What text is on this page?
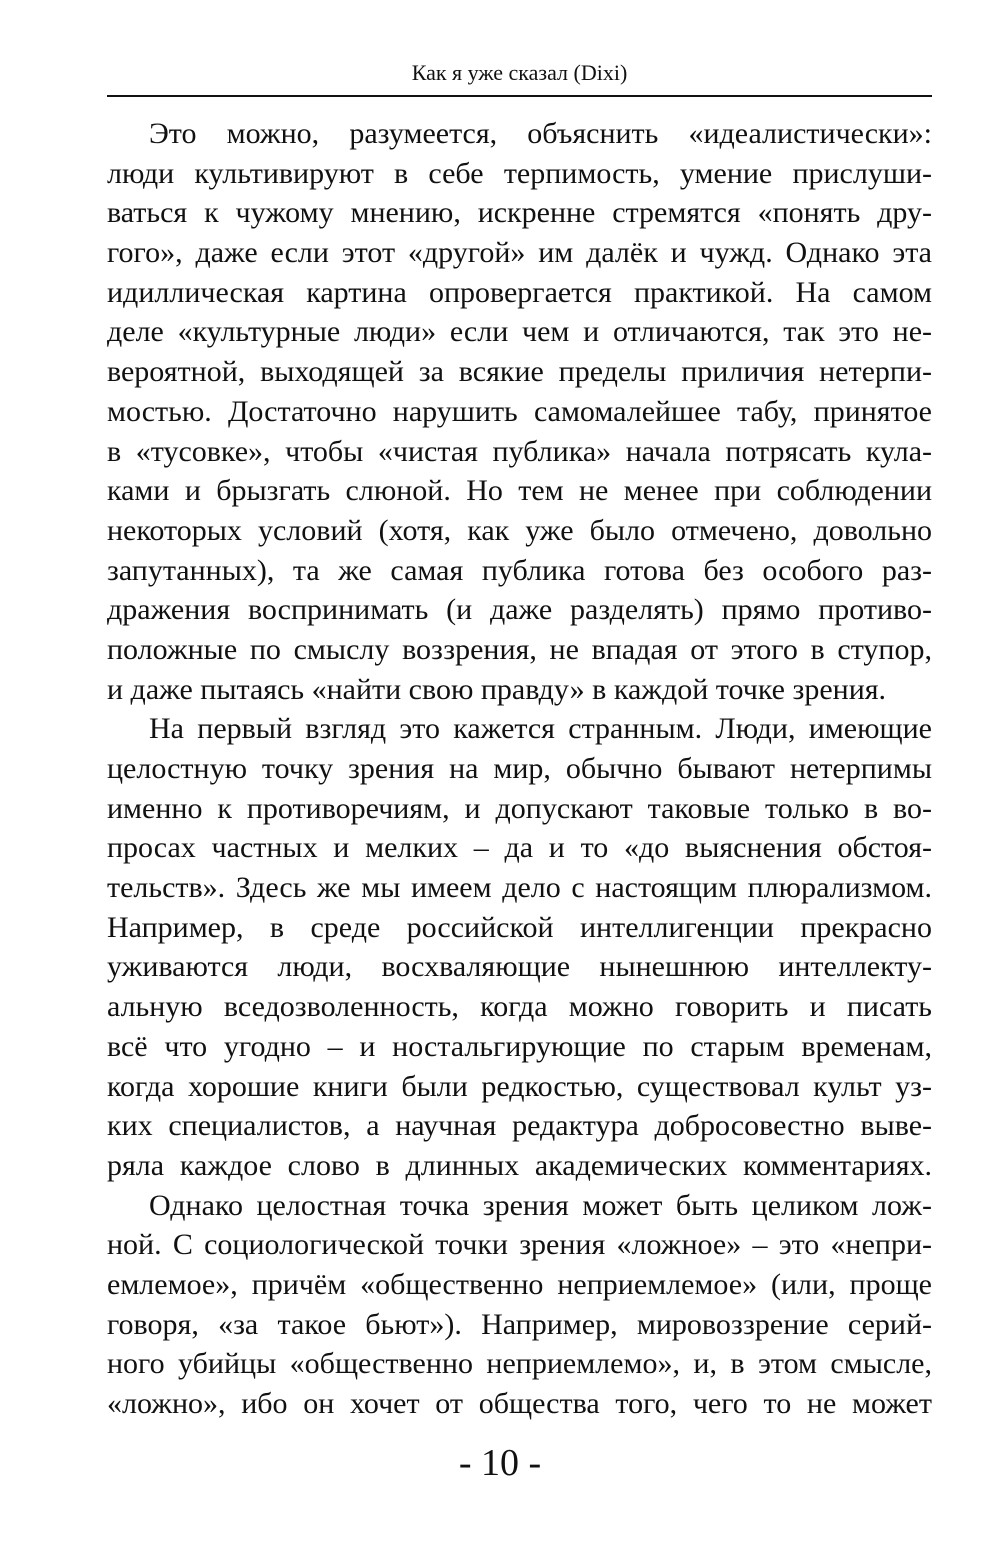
Как я уже сказал (Dixi)
Это можно, разумеется, объяснить «идеалистически»:
люди культивируют в себе терпимость, умение прислуши-
ваться к чужому мнению, искренне стремятся «понять дру-
гого», даже если этот «другой» им далёк и чужд. Однако эта
идиллическая картина опровергается практикой. На самом
деле «культурные люди» если чем и отличаются, так это не-
вероятной, выходящей за всякие пределы приличия нетерпи-
мостью. Достаточно нарушить самомалейшее табу, принятое
в «тусовке», чтобы «чистая публика» начала потрясать кула-
ками и брызгать слюной. Но тем не менее при соблюдении
некоторых условий (хотя, как уже было отмечено, довольно
запутанных), та же самая публика готова без особого раз-
дражения воспринимать (и даже разделять) прямо противо-
положные по смыслу воззрения, не впадая от этого в ступор,
и даже пытаясь «найти свою правду» в каждой точке зрения.
На первый взгляд это кажется странным. Люди, имеющие
целостную точку зрения на мир, обычно бывают нетерпимы
именно к противоречиям, и допускают таковые только в во-
просах частных и мелких – да и то «до выяснения обстоя-
тельств». Здесь же мы имеем дело с настоящим плюрализмом.
Например, в среде российской интеллигенции прекрасно
уживаются люди, восхваляющие нынешнюю интеллекту-
альную вседозволенность, когда можно говорить и писать
всё что угодно – и ностальгирующие по старым временам,
когда хорошие книги были редкостью, существовал культ уз-
ких специалистов, а научная редактура добросовестно выве-
ряла каждое слово в длинных академических комментариях.
Однако целостная точка зрения может быть целиком лож-
ной. С социологической точки зрения «ложное» – это «непри-
емлемое», причём «общественно неприемлемое» (или, проще
говоря, «за такое бьют»). Например, мировоззрение серий-
ного убийцы «общественно неприемлемо», и, в этом смысле,
«ложно», ибо он хочет от общества того, чего то не может
- 10 -
